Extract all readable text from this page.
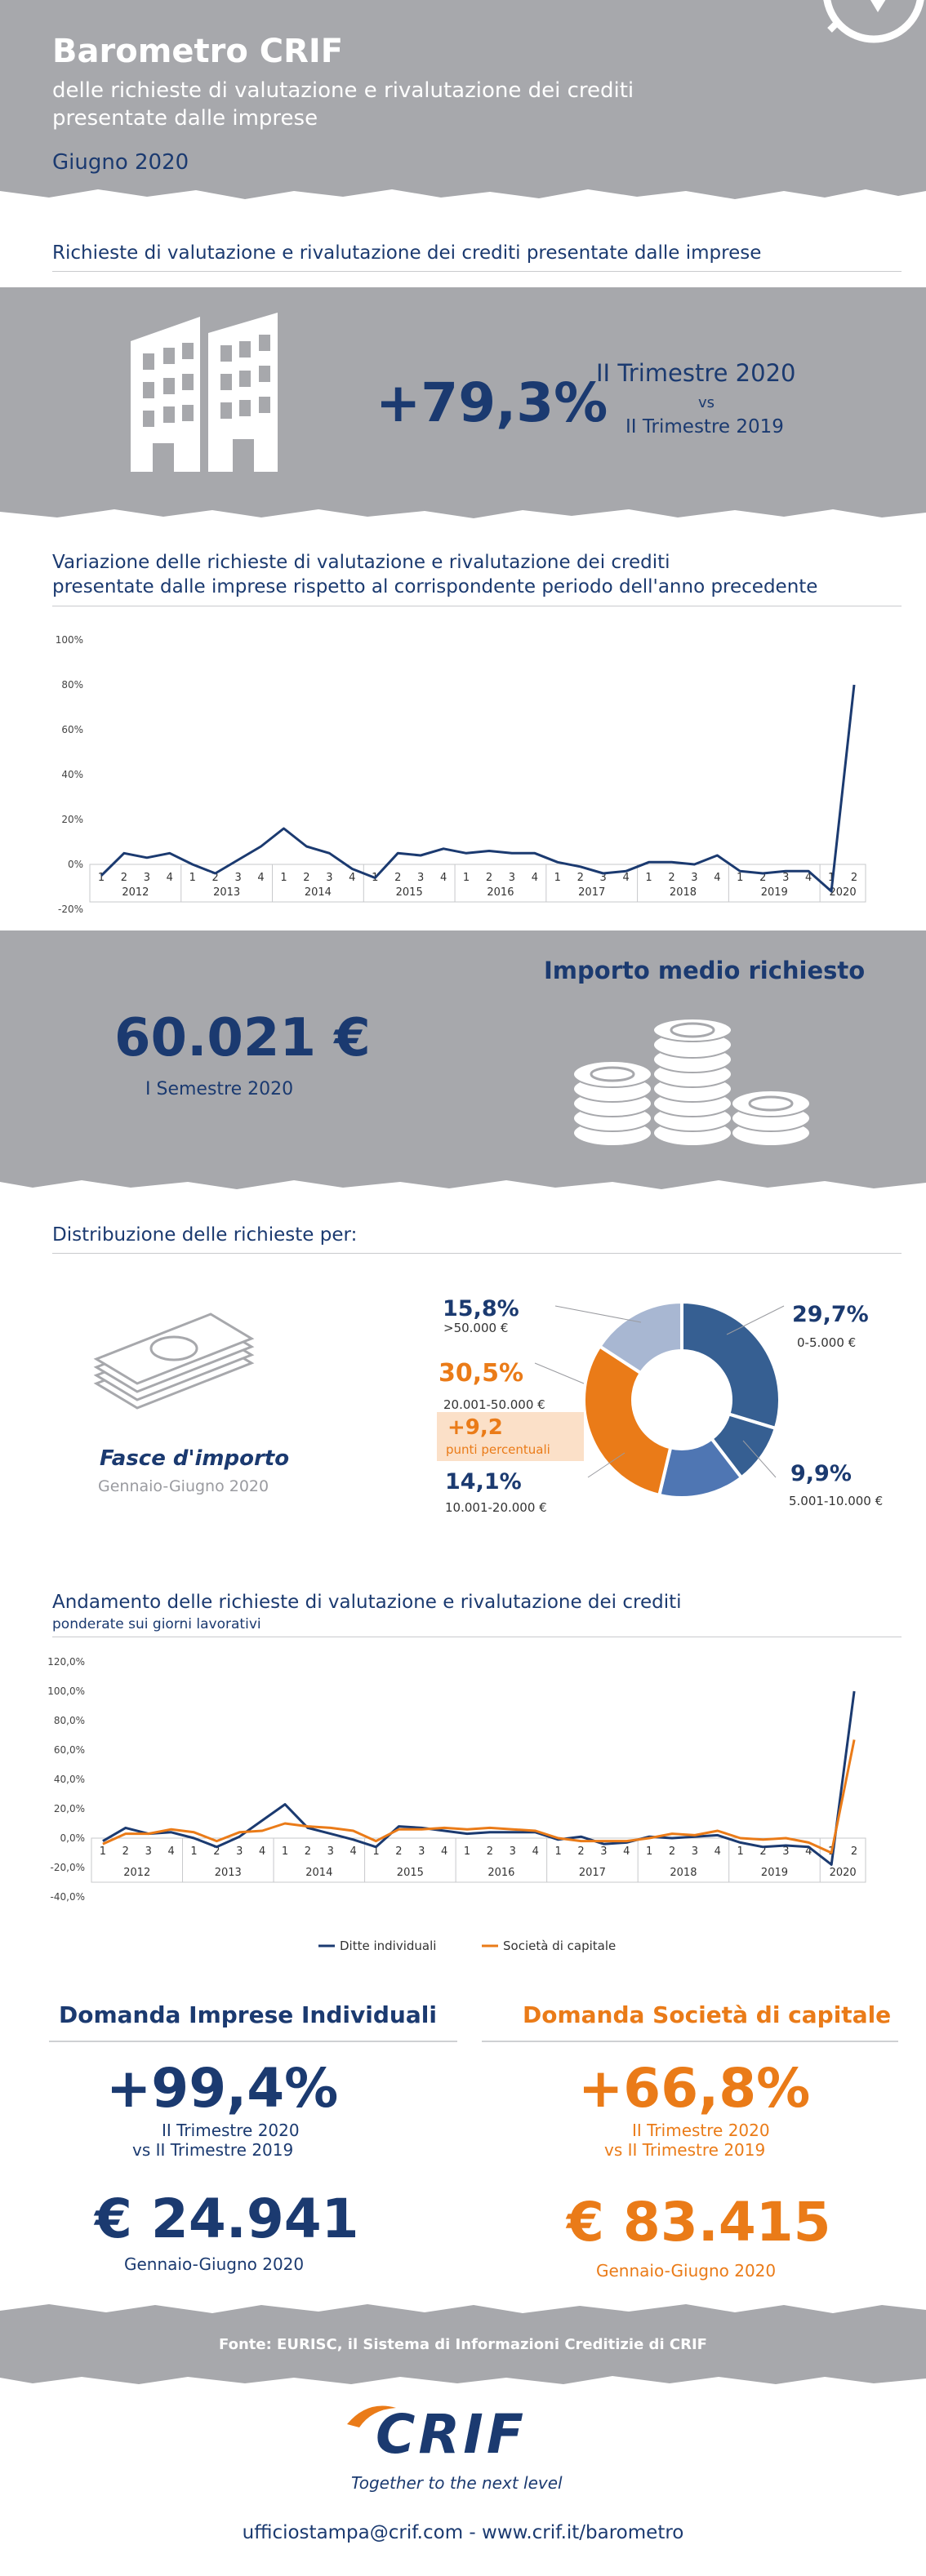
Barometro CRIF
delle richieste di valutazione e rivalutazione dei crediti
presentate dalle imprese
Giugno 2020
Richieste di valutazione e rivalutazione dei crediti presentate dalle imprese
+79,3%
II Trimestre 2020
vs
II Trimestre 2019
Variazione delle richieste di valutazione e rivalutazione dei crediti
presentate dalle imprese rispetto al corrispondente periodo dell'anno precedente
100%
80%
60%
40%
20%
0%
-20%
1 2 3 4 1 2 3 4 1 2 3 4 1 2 3 4 1 2 3 4 1 2 3 4 1 2 3 4 1 2 3 4 1 2
2012	2013	2014	2015	2016	2017	2018	2019	2020
Importo medio richiesto
60.021 €
I Semestre 2020
Distribuzione delle richieste per:
Fasce d'importo
Gennaio-Giugno 2020
29,7%
0-5.000 €
9,9%
5.001-10.000 €
14,1%
10.001-20.000 €
30,5%
20.001-50.000 €
+9,2
punti percentuali
15,8%
>50.000 €
Andamento delle richieste di valutazione e rivalutazione dei crediti
ponderate sui giorni lavorativi
120,0%
100,0%
80,0%
60,0%
40,0%
20,0%
0,0%
-20,0%
-40,0%
1 2 3 4 1 2 3 4 1 2 3 4 1 2 3 4 1 2 3 4 1 2 3 4 1 2 3 4 1 2 3 4 1 2
2012	2013	2014	2015	2016	2017	2018	2019	2020
Ditte individuali	Società di capitale
Domanda Imprese Individuali
+99,4%
II Trimestre 2020
vs II Trimestre 2019
€ 24.941
Gennaio-Giugno 2020
Domanda Società di capitale
+66,8%
II Trimestre 2020
vs II Trimestre 2019
€ 83.415
Gennaio-Giugno 2020
Fonte: EURISC, il Sistema di Informazioni Creditizie di CRIF
CRIF
Together to the next level
ufficiostampa@crif.com - www.crif.it/barometro
